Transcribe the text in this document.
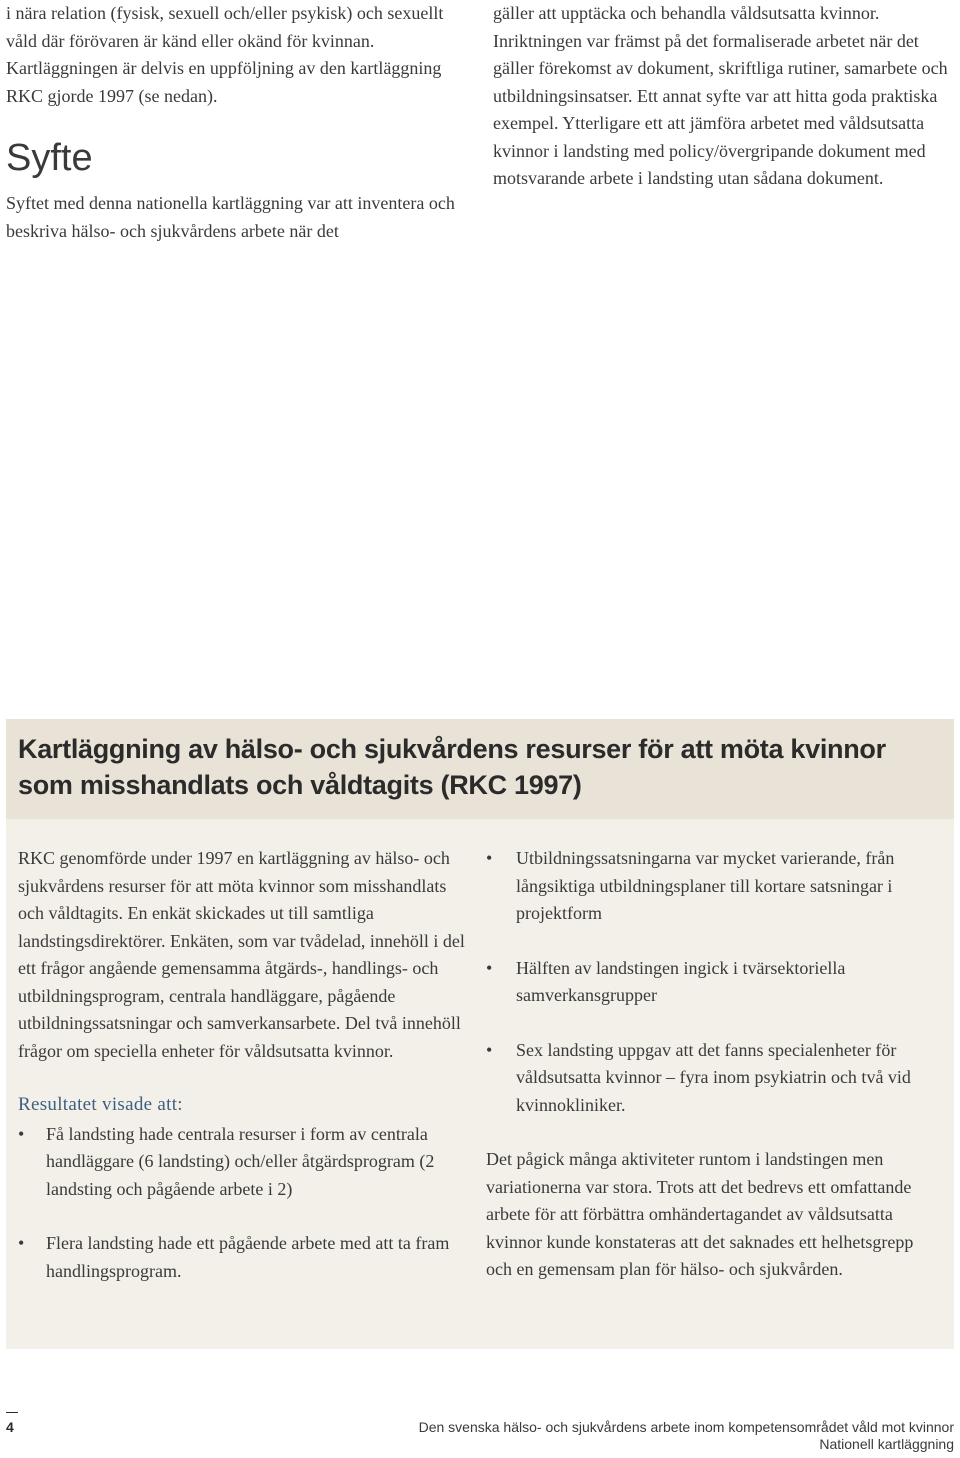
i nära relation (fysisk, sexuell och/eller psykisk) och sexuellt våld där förövaren är känd eller okänd för kvinnan. Kartläggningen är delvis en uppföljning av den kartläggning RKC gjorde 1997 (se nedan).

Syfte

Syftet med denna nationella kartläggning var att inventera och beskriva hälso- och sjukvårdens arbete när det

gäller att upptäcka och behandla våldsutsatta kvinnor. Inriktningen var främst på det formaliserade arbetet när det gäller förekomst av dokument, skriftliga rutiner, samarbete och utbildningsinsatser. Ett annat syfte var att hitta goda praktiska exempel. Ytterligare ett att jämföra arbetet med våldsutsatta kvinnor i landsting med policy/övergripande dokument med motsvarande arbete i landsting utan sådana dokument.

Kartläggning av hälso- och sjukvårdens resurser för att möta kvinnor
som misshandlats och våldtagits (RKC 1997)

RKC genomförde under 1997 en kartläggning av hälso- och sjukvårdens resurser för att möta kvinnor som misshandlats och våldtagits. En enkät skickades ut till samtliga landstingsdirektörer. Enkäten, som var tvådelad, innehöll i del ett frågor angående gemensamma åtgärds-, handlings- och utbildningsprogram, centrala handläggare, pågående utbildningssatsningar och samverkansarbete. Del två innehöll frågor om speciella enheter för våldsutsatta kvinnor.

Resultatet visade att:
• Få landsting hade centrala resurser i form av centrala handläggare (6 landsting) och/eller åtgärdsprogram (2 landsting och pågående arbete i 2)
• Flera landsting hade ett pågående arbete med att ta fram handlingsprogram.
• Utbildningssatsningarna var mycket varierande, från långsiktiga utbildningsplaner till kortare satsningar i projektform
• Hälften av landstingen ingick i tvärsektoriella samverkansgrupper
• Sex landsting uppgav att det fanns specialenheter för våldsutsatta kvinnor – fyra inom psykiatrin och två vid kvinnokliniker.

Det pågick många aktiviteter runtom i landstingen men variationerna var stora. Trots att det bedrevs ett omfattande arbete för att förbättra omhändertagandet av våldsutsatta kvinnor kunde konstateras att det saknades ett helhetsgrepp och en gemensam plan för hälso- och sjukvården.

4	Den svenska hälso- och sjukvårdens arbete inom kompetensområdet våld mot kvinnor
Nationell kartläggning
